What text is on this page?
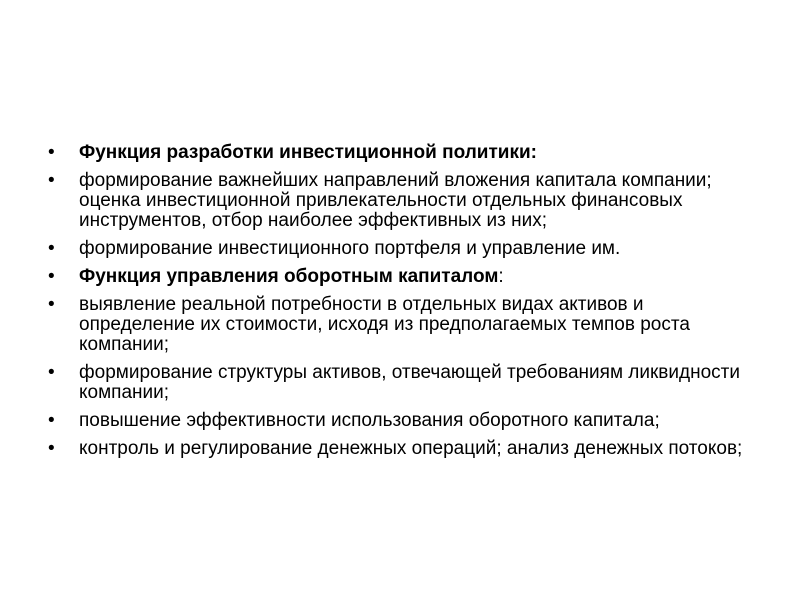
• Функция разработки инвестиционной политики:
• формирование важнейших направлений вложения капитала компании; оценка инвестиционной привлекательности отдельных финансовых инструментов, отбор наиболее эффективных из них;
• формирование инвестиционного портфеля и управление им.
• Функция управления оборотным капиталом:
• выявление реальной потребности в отдельных видах активов и определение их стоимости, исходя из предполагаемых темпов роста компании;
• формирование структуры активов, отвечающей требованиям ликвидности компании;
• повышение эффективности использования оборотного капитала;
• контроль и регулирование денежных операций; анализ денежных потоков;
